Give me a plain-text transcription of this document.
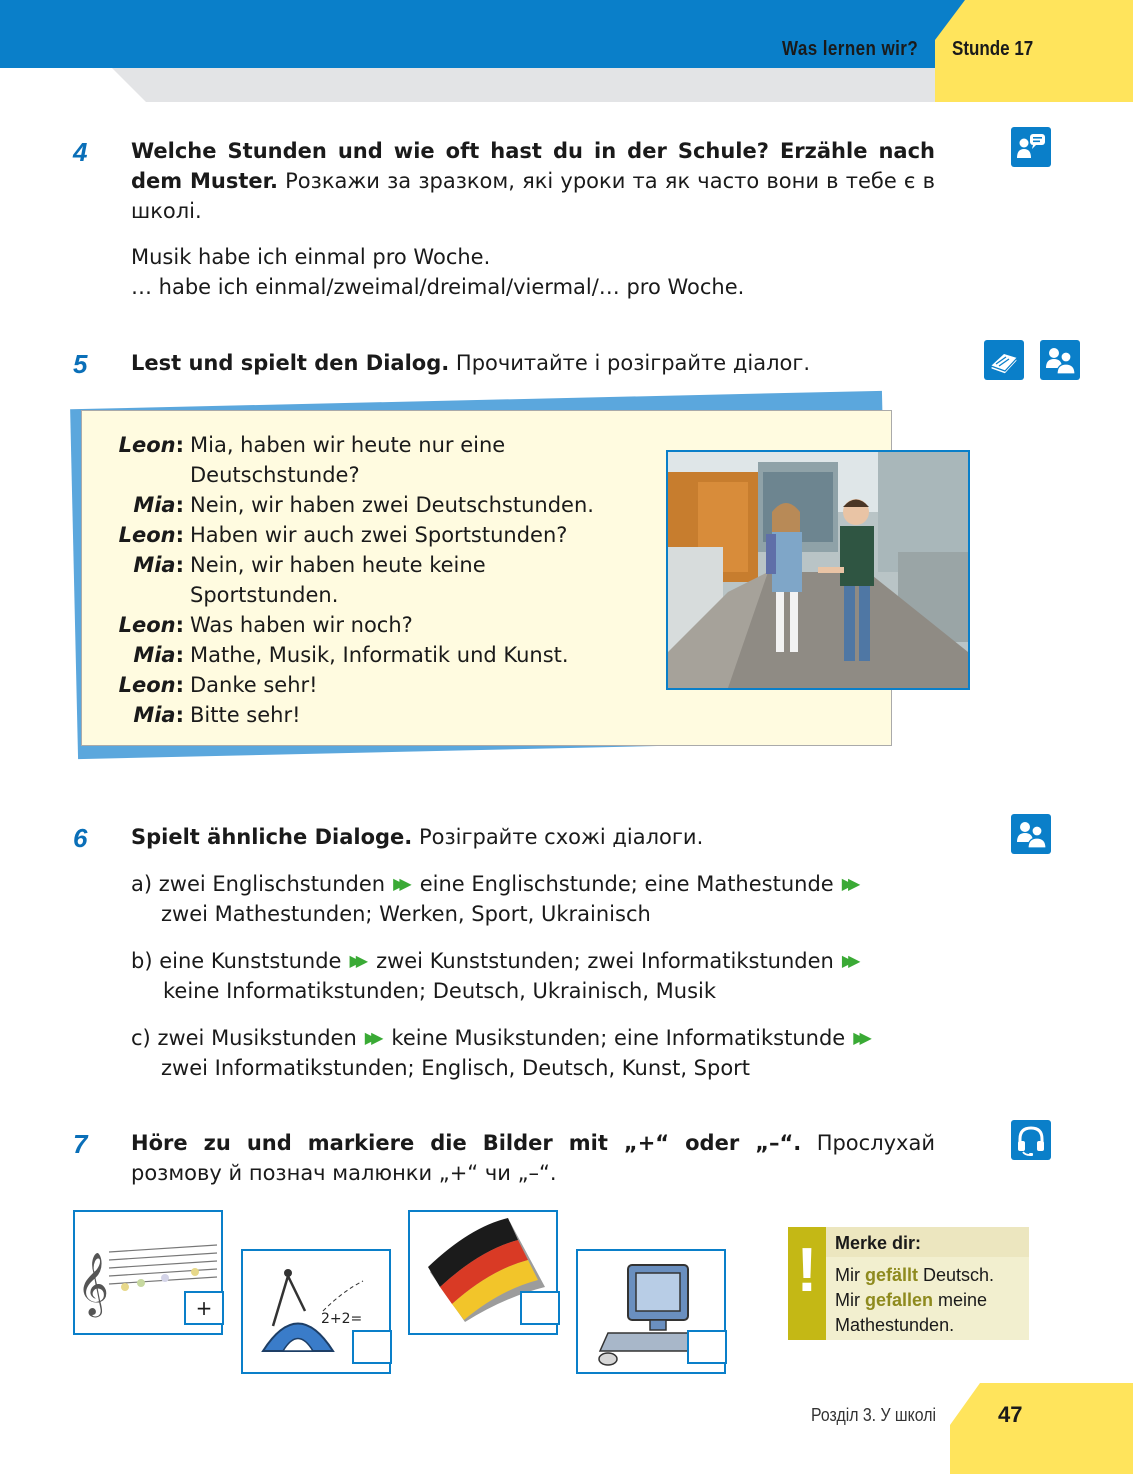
Was lernen wir? Stunde 17
4 Welche Stunden und wie oft hast du in der Schule? Erzähle nach dem Muster. Розкажи за зразком, які уроки та як часто вони в тебе є в школі.
Musik habe ich einmal pro Woche.
… habe ich einmal/zweimal/dreimal/viermal/… pro Woche.
5 Lest und spielt den Dialog. Прочитайте і розіграйте діалог.
Leon: Mia, haben wir heute nur eine
Deutschstunde?
Mia: Nein, wir haben zwei Deutschstunden.
Leon: Haben wir auch zwei Sportstunden?
Mia: Nein, wir haben heute keine
Sportstunden.
Leon: Was haben wir noch?
Mia: Mathe, Musik, Informatik und Kunst.
Leon: Danke sehr!
Mia: Bitte sehr!
6 Spielt ähnliche Dialoge. Розіграйте схожі діалоги.
a) zwei Englischstunden ▶▶ eine Englischstunde; eine Mathestunde ▶▶
zwei Mathestunden; Werken, Sport, Ukrainisch
b) eine Kunststunde ▶▶ zwei Kunststunden; zwei Informatikstunden ▶▶
keine Informatikstunden; Deutsch, Ukrainisch, Musik
c) zwei Musikstunden ▶▶ keine Musikstunden; eine Informatikstunde ▶▶
zwei Informatikstunden; Englisch, Deutsch, Kunst, Sport
7 Höre zu und markiere die Bilder mit „+“ oder „–“. Прослухай розмову й познач малюнки „+“ чи „–“.
𝄞	+	2+2=
! Merke dir:
Mir gefällt Deutsch.
Mir gefallen meine
Mathestunden.
Розділ 3. У школі	47
